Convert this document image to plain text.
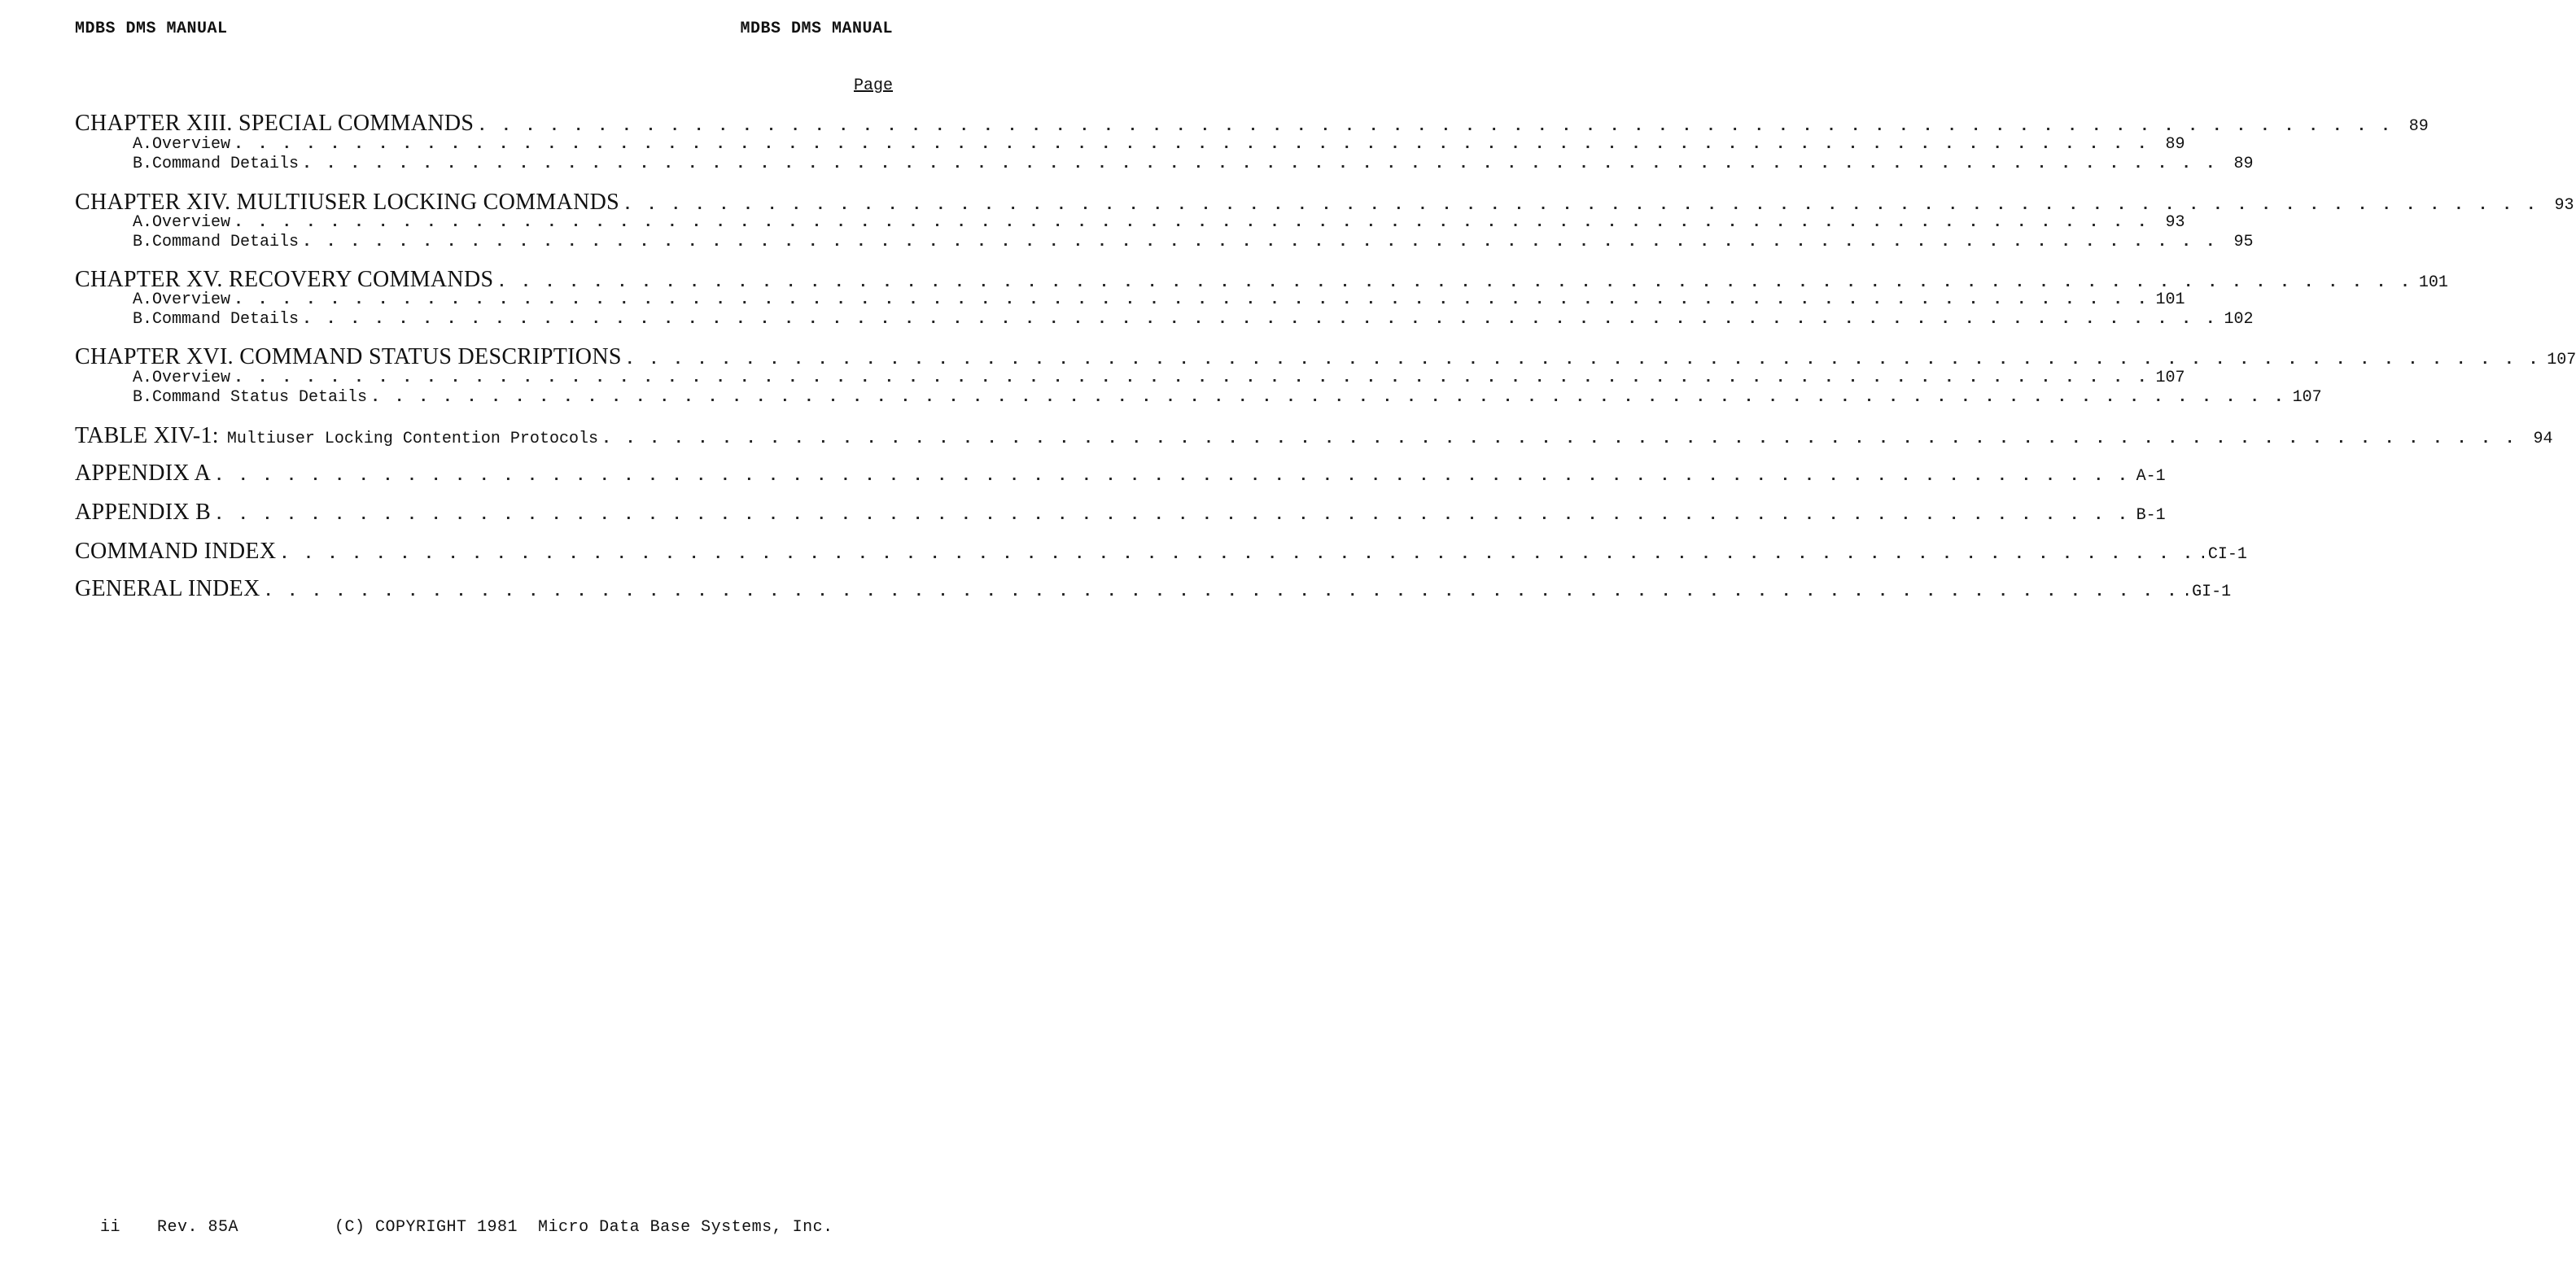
MDBS DMS MANUAL	MDBS DMS MANUAL
Page
CHAPTER XIII. SPECIAL COMMANDS . . . . . . . . . . . . . . . . . . . . . . . . . . . . . . . . . . . . . . . . . . . . . . . . . . . . . . . . . . . . . . . . . . . . . . . . . . . . . . . . 89
A. Overview . . . . . . . . . . . . . . . . . . . . . . . . . . . . . . . . . . . . . . . . . . . . . . . . . . . . . . . . . . . . . . . . . . . . . . . . . . . . . . . . 89
B. Command Details . . . . . . . . . . . . . . . . . . . . . . . . . . . . . . . . . . . . . . . . . . . . . . . . . . . . . . . . . . . . . . . . . . . . . . . . . . . . . . . . 89
CHAPTER XIV. MULTIUSER LOCKING COMMANDS . . . . . . . . . . . . . . . . . . . . . . . . . . . . . . . . . . . . . . . . . . . . . . . . . . . . . . . . . . . . . . . . . . . . . . . . . . . . . . . . 93
A. Overview . . . . . . . . . . . . . . . . . . . . . . . . . . . . . . . . . . . . . . . . . . . . . . . . . . . . . . . . . . . . . . . . . . . . . . . . . . . . . . . . 93
B. Command Details . . . . . . . . . . . . . . . . . . . . . . . . . . . . . . . . . . . . . . . . . . . . . . . . . . . . . . . . . . . . . . . . . . . . . . . . . . . . . . . . 95
CHAPTER XV. RECOVERY COMMANDS . . . . . . . . . . . . . . . . . . . . . . . . . . . . . . . . . . . . . . . . . . . . . . . . . . . . . . . . . . . . . . . . . . . . . . . . . . . . . . . . 101
A. Overview . . . . . . . . . . . . . . . . . . . . . . . . . . . . . . . . . . . . . . . . . . . . . . . . . . . . . . . . . . . . . . . . . . . . . . . . . . . . . . . . 101
B. Command Details . . . . . . . . . . . . . . . . . . . . . . . . . . . . . . . . . . . . . . . . . . . . . . . . . . . . . . . . . . . . . . . . . . . . . . . . . . . . . . . . 102
CHAPTER XVI. COMMAND STATUS DESCRIPTIONS . . . . . . . . . . . . . . . . . . . . . . . . . . . . . . . . . . . . . . . . . . . . . . . . . . . . . . . . . . . . . . . . . . . . . . . . . . . . . . . . 107
A. Overview . . . . . . . . . . . . . . . . . . . . . . . . . . . . . . . . . . . . . . . . . . . . . . . . . . . . . . . . . . . . . . . . . . . . . . . . . . . . . . . . 107
B. Command Status Details . . . . . . . . . . . . . . . . . . . . . . . . . . . . . . . . . . . . . . . . . . . . . . . . . . . . . . . . . . . . . . . . . . . . . . . . . . . . . . . . 107
TABLE XIV-1: Multiuser Locking Contention Protocols . . . . . . . . . . . . . . . . . . . . . . . . . . . . . . . . . . . . . . . . . . . . . . . . . . . . . . . . . . . . . . . . . . . . . . . . . . . . . . . . 94
APPENDIX A . . . . . . . . . . . . . . . . . . . . . . . . . . . . . . . . . . . . . . . . . . . . . . . . . . . . . . . . . . . . . . . . . . . . . . . . . . . . . . . . A-1
APPENDIX B . . . . . . . . . . . . . . . . . . . . . . . . . . . . . . . . . . . . . . . . . . . . . . . . . . . . . . . . . . . . . . . . . . . . . . . . . . . . . . . . B-1
COMMAND INDEX . . . . . . . . . . . . . . . . . . . . . . . . . . . . . . . . . . . . . . . . . . . . . . . . . . . . . . . . . . . . . . . . . . . . . . . . . . . . . . . . .CI-1
GENERAL INDEX . . . . . . . . . . . . . . . . . . . . . . . . . . . . . . . . . . . . . . . . . . . . . . . . . . . . . . . . . . . . . . . . . . . . . . . . . . . . . . . . .GI-1

ii Rev. 85A	(C) COPYRIGHT 1981  Micro Data Base Systems, Inc.
